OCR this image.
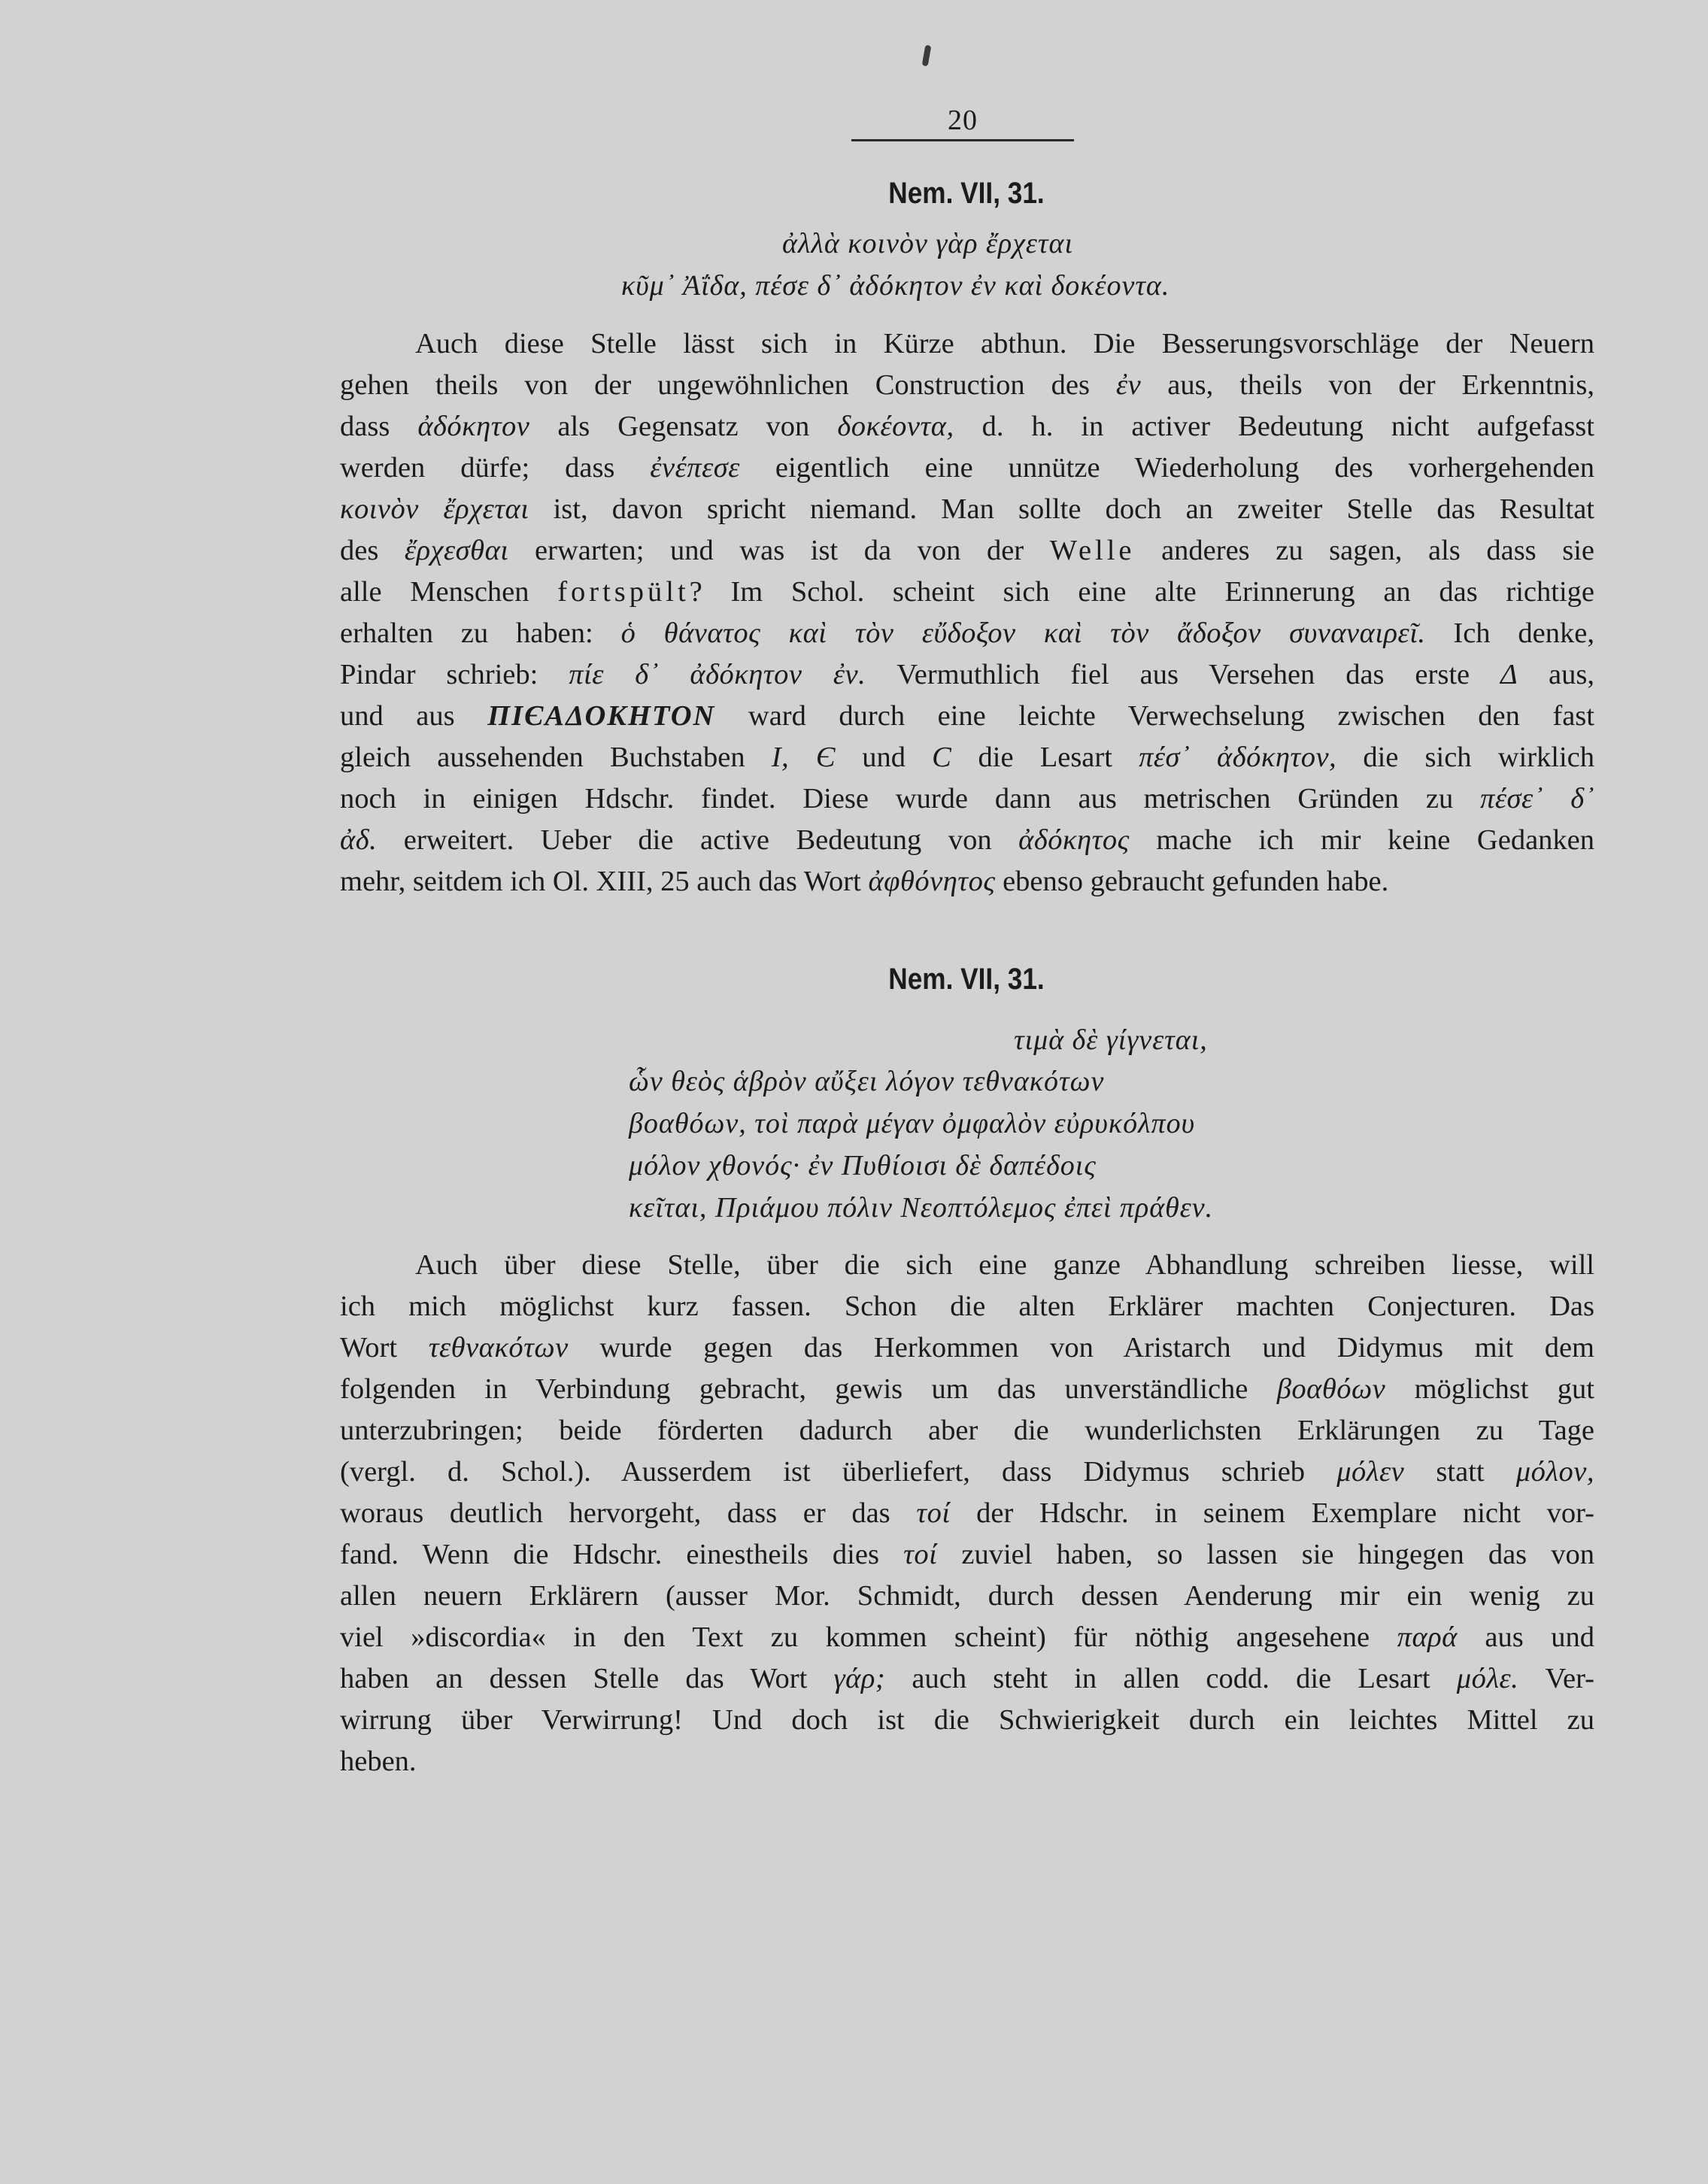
20
Nem. VII, 31.
ἀλλὰ κοινὸν γὰρ ἔρχεται
κῦμ᾽ Ἀΐδα, πέσε δ᾽ ἀδόκητον ἐν καὶ δοκέοντα.
Auch diese Stelle lässt sich in Kürze abthun. Die Besserungsvorschläge der Neuern
gehen theils von der ungewöhnlichen Construction des ἐν aus, theils von der Erkenntnis,
dass ἀδόκητον als Gegensatz von δοκέοντα, d. h. in activer Bedeutung nicht aufgefasst
werden dürfe; dass ἐνέπεσε eigentlich eine unnütze Wiederholung des vorhergehenden
κοινὸν ἔρχεται ist, davon spricht niemand. Man sollte doch an zweiter Stelle das Resultat
des ἔρχεσθαι erwarten; und was ist da von der Welle anderes zu sagen, als dass sie
alle Menschen fortspült? Im Schol. scheint sich eine alte Erinnerung an das richtige
erhalten zu haben: ὁ θάνατος καὶ τὸν εὔδοξον καὶ τὸν ἄδοξον συναναιρεῖ. Ich denke,
Pindar schrieb: πίε δ᾽ ἀδόκητον ἐν. Vermuthlich fiel aus Versehen das erste Δ aus,
und aus ΠΙЄΑΔΟΚΗΤΟΝ ward durch eine leichte Verwechselung zwischen den fast
gleich aussehenden Buchstaben Ι, Є und C die Lesart πέσ᾽ ἀδόκητον, die sich wirklich
noch in einigen Hdschr. findet. Diese wurde dann aus metrischen Gründen zu πέσε᾽ δ᾽
ἀδ. erweitert. Ueber die active Bedeutung von ἀδόκητος mache ich mir keine Gedanken
mehr, seitdem ich Ol. XIII, 25 auch das Wort ἀφθόνητος ebenso gebraucht gefunden habe.
Nem. VII, 31.
τιμὰ δὲ γίγνεται,
ὧν θεὸς ἁβρὸν αὔξει λόγον τεθνακότων
βοαθόων, τοὶ παρὰ μέγαν ὀμφαλὸν εὐρυκόλπου
μόλον χθονός· ἐν Πυθίοισι δὲ δαπέδοις
κεῖται, Πριάμου πόλιν Νεοπτόλεμος ἐπεὶ πράθεν.
Auch über diese Stelle, über die sich eine ganze Abhandlung schreiben liesse, will
ich mich möglichst kurz fassen. Schon die alten Erklärer machten Conjecturen. Das
Wort τεθνακότων wurde gegen das Herkommen von Aristarch und Didymus mit dem
folgenden in Verbindung gebracht, gewis um das unverständliche βοαθόων möglichst gut
unterzubringen; beide förderten dadurch aber die wunderlichsten Erklärungen zu Tage
(vergl. d. Schol.). Ausserdem ist überliefert, dass Didymus schrieb μόλεν statt μόλον,
woraus deutlich hervorgeht, dass er das τοί der Hdschr. in seinem Exemplare nicht vor-
fand. Wenn die Hdschr. einestheils dies τοί zuviel haben, so lassen sie hingegen das von
allen neuern Erklärern (ausser Mor. Schmidt, durch dessen Aenderung mir ein wenig zu
viel »discordia« in den Text zu kommen scheint) für nöthig angesehene παρά aus und
haben an dessen Stelle das Wort γάρ; auch steht in allen codd. die Lesart μόλε. Ver-
wirrung über Verwirrung! Und doch ist die Schwierigkeit durch ein leichtes Mittel zu
heben.
